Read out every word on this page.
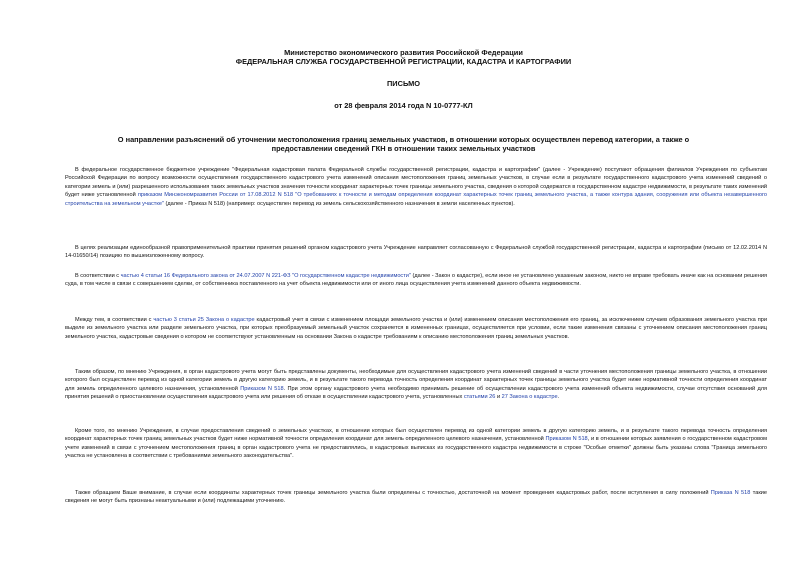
Министерство экономического развития Российской Федерации
ФЕДЕРАЛЬНАЯ СЛУЖБА ГОСУДАРСТВЕННОЙ РЕГИСТРАЦИИ, КАДАСТРА И КАРТОГРАФИИ
ПИСЬМО
от 28 февраля 2014 года N 10-0777-КЛ
О направлении разъяснений об уточнении местоположения границ земельных участков, в отношении которых осуществлен перевод категории, а также о
предоставлении сведений ГКН в отношении таких земельных участков

В федеральное государственное бюджетное учреждение "Федеральная кадастровая палата Федеральной службы государственной регистрации, кадастра и картографии" (далее - Учреждение) поступают обращения филиалов Учреждения по субъектам Российской Федерации по вопросу возможности осуществления государственного кадастрового учета изменений описания местоположения границ земельных участков, в случае если в результате государственного кадастрового учета изменений сведений о категории земель и (или) разрешенного использования таких земельных участков значения точности координат характерных точек границы земельного участка, сведения о которой содержатся в государственном кадастре недвижимости, в результате таких изменений будет ниже установленной приказом Минэкономразвития России от 17.08.2012 N 518 "О требованиях к точности и методам определения координат характерных точек границ земельного участка, а также контура здания, сооружения или объекта незавершенного строительства на земельном участке" (далее - Приказ N 518) (например: осуществлен перевод из земель сельскохозяйственного назначения в земли населенных пунктов).

В целях реализации единообразной правоприменительной практики принятия решений органом кадастрового учета Учреждение направляет согласованную с Федеральной службой государственной регистрации, кадастра и картографии (письмо от 12.02.2014 N 14-01650/14) позицию по вышеизложенному вопросу.

В соответствии с частью 4 статьи 16 Федерального закона от 24.07.2007 N 221-ФЗ "О государственном кадастре недвижимости" (далее - Закон о кадастре), если иное не установлено указанным законом, никто не вправе требовать иначе как на основании решения суда, в том числе в связи с совершением сделки, от собственника поставленного на учет объекта недвижимости или от иного лица осуществления учета изменений данного объекта недвижимости.

Между тем, в соответствии с частью 3 статьи 25 Закона о кадастре кадастровый учет в связи с изменением площади земельного участка и (или) изменением описания местоположения его границ, за исключением случаев образования земельного участка при выделе из земельного участка или разделе земельного участка, при которых преобразуемый земельный участок сохраняется в измененных границах, осуществляется при условии, если такие изменения связаны с уточнением описания местоположения границ земельного участка, кадастровые сведения о котором не соответствуют установленным на основании Закона о кадастре требованиям к описанию местоположения границ земельных участков.

Таким образом, по мнению Учреждения, в орган кадастрового учета могут быть представлены документы, необходимые для осуществления кадастрового учета изменений сведений в части уточнения местоположения границы земельного участка, в отношении которого был осуществлен перевод из одной категории земель в другую категорию земель, и в результате такого перевода точность определения координат характерных точек границы земельного участка будет ниже нормативной точности определения координат для земель определенного целевого назначения, установленной Приказом N 518. При этом органу кадастрового учета необходимо принимать решение об осуществлении кадастрового учета изменений объекта недвижимости, случае отсутствия оснований для принятия решений о приостановлении осуществления кадастрового учета или решения об отказе в осуществлении кадастрового учета, установленных статьями 26 и 27 Закона о кадастре.

Кроме того, по мнению Учреждения, в случае предоставления сведений о земельных участках, в отношении которых был осуществлен перевод из одной категории земель в другую категорию земель, и в результате такого перевода точность определения координат характерных точек границ земельных участков будет ниже нормативной точности определения координат для земель определенного целевого назначения, установленной Приказом N 518, и в отношении которых заявления о государственном кадастровом учете изменений в связи с уточнением местоположения границ в орган кадастрового учета не предоставлялись, в кадастровых выписках из государственного кадастра недвижимости в строке "Особые отметки" должны быть указаны слова "Граница земельного участка не установлена в соответствии с требованиями земельного законодательства".

Также обращаем Ваше внимание, в случае если координаты характерных точек границы земельного участка были определены с точностью, достаточной на момент проведения кадастровых работ, после вступления в силу положений Приказа N 518 такие сведения не могут быть признаны неактуальными и (или) подлежащими уточнению.
